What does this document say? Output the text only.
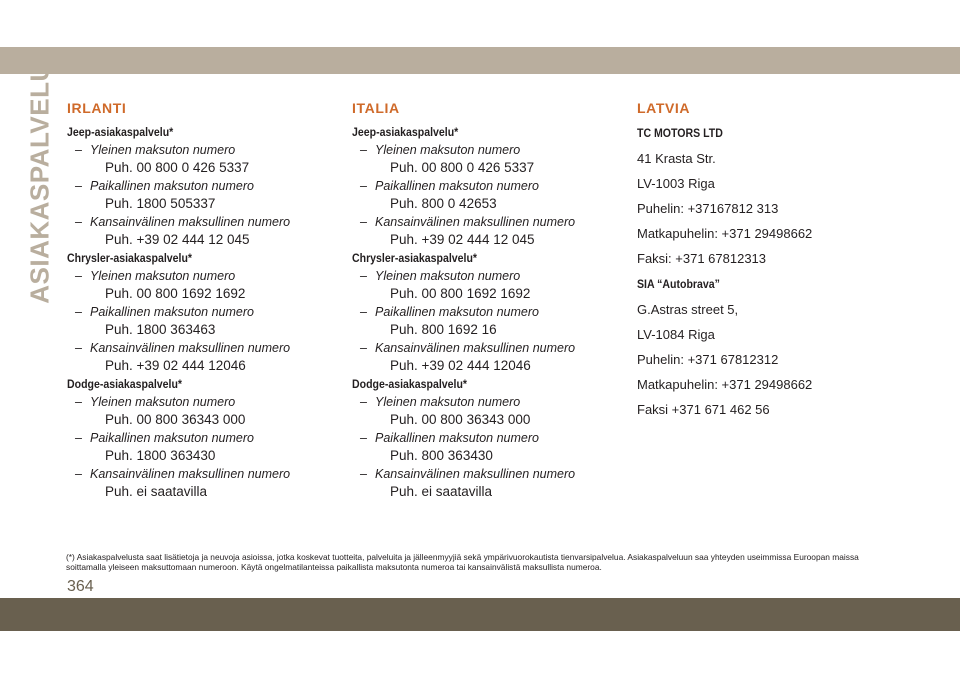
ASIAKASPALVELU IRLANTI
Jeep-asiakaspalvelu*
– Yleinen maksuton numero
Puh. 00 800 0 426 5337
– Paikallinen maksuton numero
Puh. 1800 505337
– Kansainvälinen maksullinen numero
Puh. +39 02 444 12 045
Chrysler-asiakaspalvelu*
– Yleinen maksuton numero
Puh. 00 800 1692 1692
– Paikallinen maksuton numero
Puh. 1800 363463
– Kansainvälinen maksullinen numero
Puh. +39 02 444 12046
Dodge-asiakaspalvelu*
– Yleinen maksuton numero
Puh. 00 800 36343 000
– Paikallinen maksuton numero
Puh. 1800 363430
– Kansainvälinen maksullinen numero
Puh. ei saatavilla
ITALIA
Jeep-asiakaspalvelu*
– Yleinen maksuton numero
Puh. 00 800 0 426 5337
– Paikallinen maksuton numero
Puh. 800 0 42653
– Kansainvälinen maksullinen numero
Puh. +39 02 444 12 045
Chrysler-asiakaspalvelu*
– Yleinen maksuton numero
Puh. 00 800 1692 1692
– Paikallinen maksuton numero
Puh. 800 1692 16
– Kansainvälinen maksullinen numero
Puh. +39 02 444 12046
Dodge-asiakaspalvelu*
– Yleinen maksuton numero
Puh. 00 800 36343 000
– Paikallinen maksuton numero
Puh. 800 363430
– Kansainvälinen maksullinen numero
Puh. ei saatavilla
LATVIA
TC MOTORS LTD
41 Krasta Str.
LV-1003 Riga
Puhelin: +37167812 313
Matkapuhelin: +371 29498662
Faksi: +371 67812313
SIA “Autobrava”
G.Astras street 5,
LV-1084 Riga
Puhelin: +371 67812312
Matkapuhelin: +371 29498662
Faksi +371 671 462 56
(*) Asiakaspalvelusta saat lisätietoja ja neuvoja asioissa, jotka koskevat tuotteita, palveluita ja jälleenmyyjiä sekä ympärivuorokautista tienvarsipalvelua. Asiakaspalveluun saa yhteyden useimmissa Euroopan maissa soittamalla yleiseen maksuttomaan numeroon. Käytä ongelmatilanteissa paikallista maksutonta numeroa tai kansainvälistä maksullista numeroa.
364
